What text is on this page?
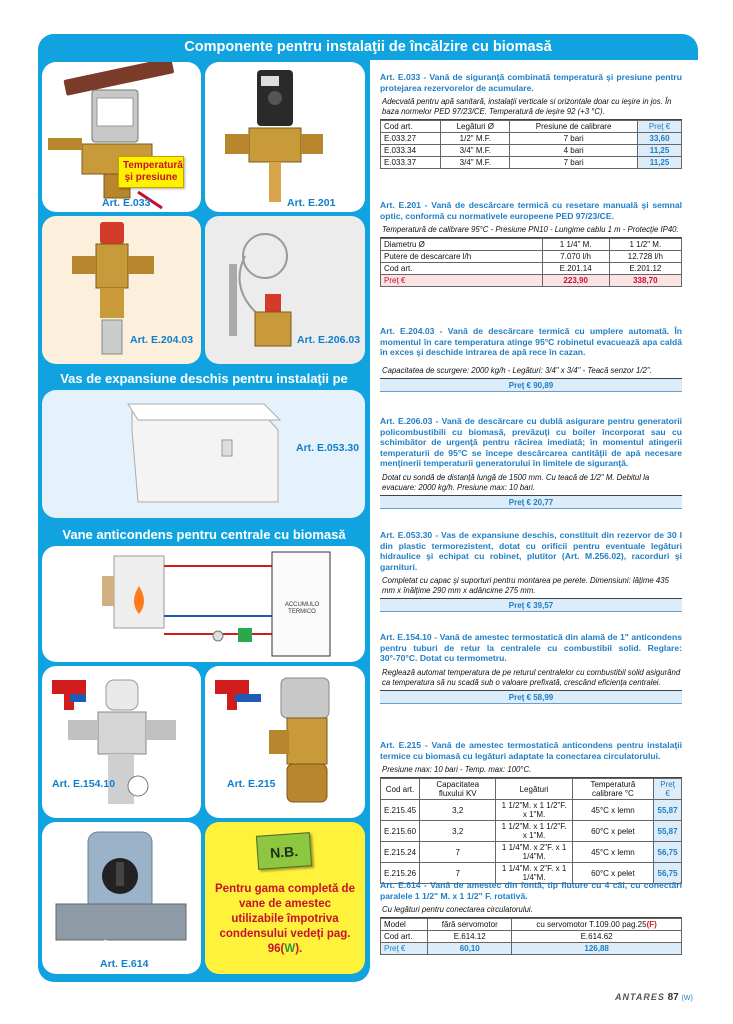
Componente pentru instalaţii de încălzire cu biomasă
Temperatură şi presiune
Art. E.033	Art. E.201
Art. E.204.03	Art. E.206.03
Vas de expansiune deschis pentru instalaţii pe
Art. E.053.30
Vane anticondens pentru centrale cu biomasă
ACCUMULO TERMICO
Art. E.154.10	Art. E.215
Art. E.614
N.B.
Pentru gama completă de vane de amestec utilizabile împotriva condensului vedeţi pag. 96(W).
Art. E.033 - Vană de siguranţă combinată temperatură şi presiune pentru protejarea rezervorelor de acumulare.
Adecvată pentru apă sanitară, instalaţii verticale si orizontale doar cu ieşire in jos. În baza normelor PED 97/23/CE. Temperatură de ieşire 92 (+3 °C).
Cod art.	Legături Ø	Presiune de calibrare	Preţ €
E.033.27	1/2" M.F.	7 bari	33,60
E.033.34	3/4" M.F.	4 bari	11,25
E.033.37	3/4" M.F.	7 bari	11,25
Art. E.201 - Vană de descărcare termică cu resetare manuală şi semnal optic, conformă cu normativele europeene PED 97/23/CE.
Temperatură de calibrare 95°C - Presiune PN10 - Lungime cablu 1 m - Protecţie IP40.
Diametru Ø	1 1/4" M.	1 1/2" M.
Putere de descarcare l/h	7.070 l/h	12.728 l/h
Cod art.	E.201.14	E.201.12
Preţ €	223,90	338,70
Art. E.204.03 - Vană de descărcare termică cu umplere automată. În momentul în care temperatura atinge 95°C robinetul evacuează apa caldă în exces şi deschide intrarea de apă rece în cazan.
Capacitatea de scurgere: 2000 kg/h - Legături: 3/4" x 3/4" - Teacă senzor 1/2".
Preţ € 90,89
Art. E.206.03 - Vană de descărcare cu dublă asigurare pentru generatorii policombustibili cu biomasă, prevăzuţi cu boiler încorporat sau cu schimbător de urgenţă pentru răcirea imediată; în momentul atingerii temperaturii de 95°C se începe descărcarea cantităţii de apă necesare menţinerii temperaturii generatorului în limitele de siguranţă.
Dotat cu sondă de distanţă lungă de 1500 mm. Cu teacă de 1/2" M. Debitul la evacuare: 2000 kg/h. Presiune max: 10 bari.
Preţ € 20,77
Art. E.053.30 - Vas de expansiune deschis, constituit din rezervor de 30 l din plastic termorezistent, dotat cu orificii pentru eventuale legături hidraulice şi echipat cu robinet, plutitor (Art. M.256.02), racorduri şi garnituri.
Completat cu capac şi suporturi pentru montarea pe perete. Dimensiuni: lăţime 435 mm x înălţime 290 mm x adâncime 275 mm.
Preţ € 39,57
Art. E.154.10 - Vană de amestec termostatică din alamă de 1" anticondens pentru tuburi de retur la centralele cu combustibil solid. Reglare: 30°-70°C. Dotat cu termometru.
Reglează automat temperatura de pe returul centralelor cu combustibil solid asigurând ca temperatura să nu scadă sub o valoare prefixată, crescând eficienţa centralei.
Preţ € 58,99
Art. E.215 - Vană de amestec termostatică anticondens pentru instalaţii termice cu biomasă cu legături adaptate la conectarea circulatorului.
Presiune max: 10 bari - Temp. max: 100°C.
Cod art.	Capacitatea fluxului KV	Legături	Temperatură calibrare °C	Preţ €
E.215.45	3,2	1 1/2"M. x 1 1/2"F. x 1"M.	45°C x lemn	55,87
E.215.60	3,2	1 1/2"M. x 1 1/2"F. x 1"M.	60°C x pelet	55,87
E.215.24	7	1 1/4"M. x 2"F. x 1 1/4"M.	45°C x lemn	56,75
E.215.26	7	1 1/4"M. x 2"F. x 1 1/4"M.	60°C x pelet	56,75
Art. E.614 - Vană de amestec din fontă, tip fluture cu 4 căi, cu conectări paralele 1 1/2" M. x 1 1/2" F. rotativă.
Cu legături pentru conectarea circulatorului.
Model	fără servomotor	cu servomotor T.109.00 pag.25(F)
Cod art.	E.614.12	E.614.62
Preţ €	60,10	126,88
ANTARES 87 (W)
